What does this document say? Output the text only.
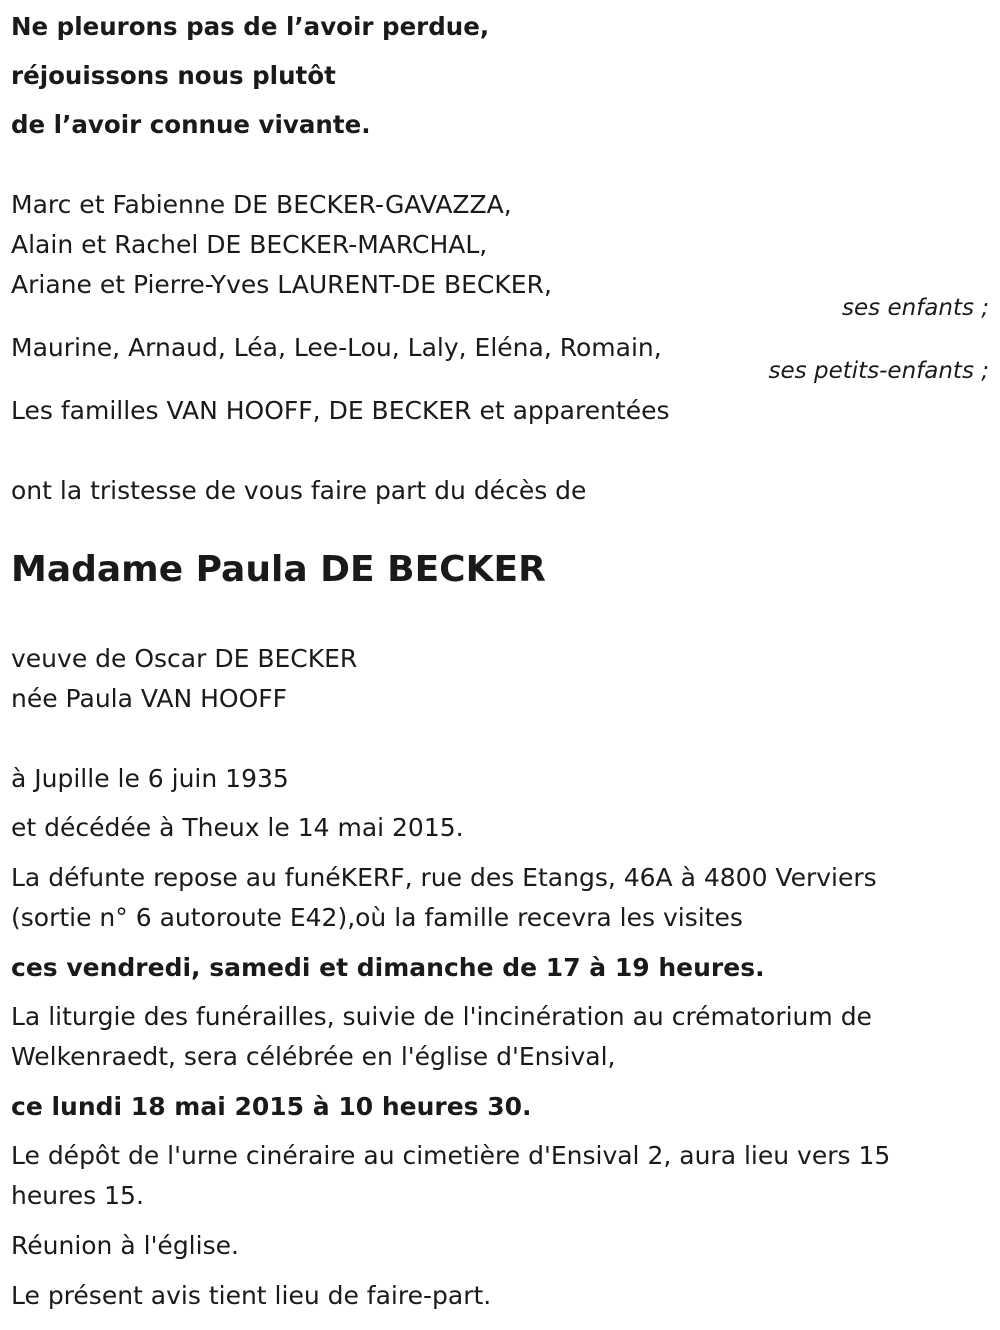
Ne pleurons pas de l’avoir perdue,
réjouissons nous plutôt
de l’avoir connue vivante.
Marc et Fabienne DE BECKER-GAVAZZA,
Alain et Rachel DE BECKER-MARCHAL,
Ariane et Pierre-Yves LAURENT-DE BECKER,
ses enfants ;
Maurine, Arnaud, Léa, Lee-Lou, Laly, Eléna, Romain,
ses petits-enfants ;
Les familles VAN HOOFF, DE BECKER et apparentées
ont la tristesse de vous faire part du décès de
Madame Paula DE BECKER
veuve de Oscar DE BECKER
née Paula VAN HOOFF
à Jupille le 6 juin 1935
et décédée à Theux le 14 mai 2015.
La défunte repose au funéKERF, rue des Etangs, 46A à 4800 Verviers
(sortie n° 6 autoroute E42),où la famille recevra les visites
ces vendredi, samedi et dimanche de 17 à 19 heures.
La liturgie des funérailles, suivie de l'incinération au crématorium de
Welkenraedt, sera célébrée en l'église d'Ensival,
ce lundi 18 mai 2015 à 10 heures 30.
Le dépôt de l'urne cinéraire au cimetière d'Ensival 2, aura lieu vers 15
heures 15.
Réunion à l'église.
Le présent avis tient lieu de faire-part.
